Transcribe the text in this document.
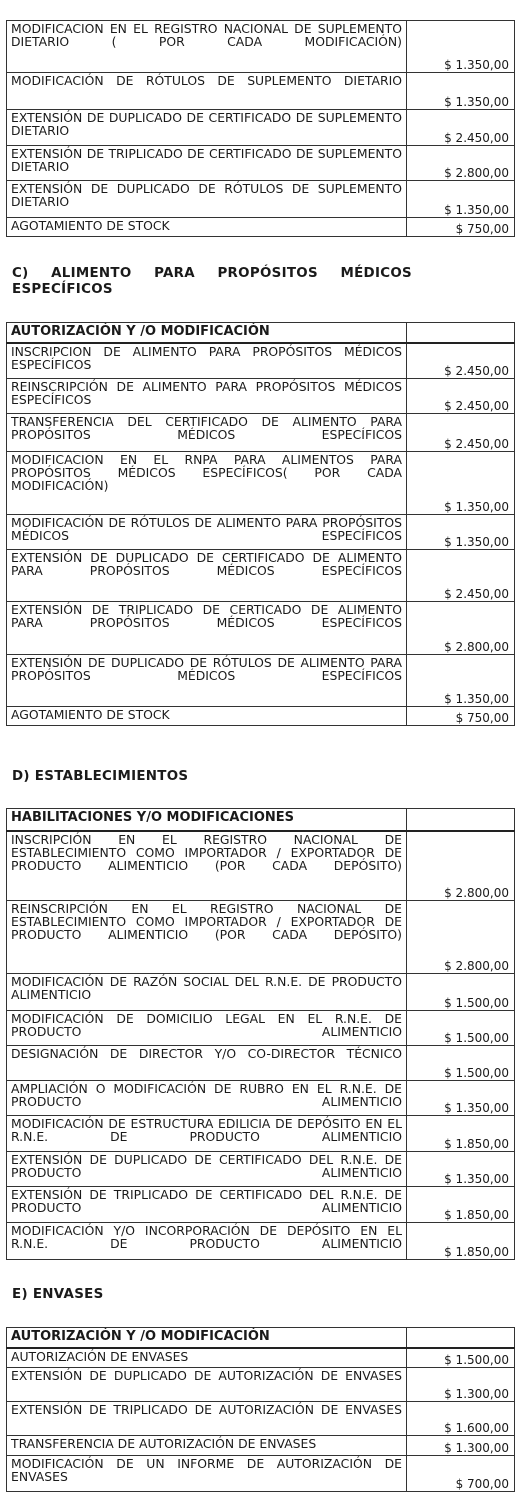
MODIFICACION EN EL REGISTRO NACIONAL DE SUPLEMENTO DIETARIO ( POR CADA MODIFICACIÓN)	$ 1.350,00
MODIFICACIÓN DE RÓTULOS DE SUPLEMENTO DIETARIO	$ 1.350,00
EXTENSIÓN DE DUPLICADO DE CERTIFICADO DE SUPLEMENTO DIETARIO	$ 2.450,00
EXTENSIÓN DE TRIPLICADO DE CERTIFICADO DE SUPLEMENTO DIETARIO	$ 2.800,00
EXTENSIÓN DE DUPLICADO DE RÓTULOS DE SUPLEMENTO DIETARIO	$ 1.350,00
AGOTAMIENTO DE STOCK	$ 750,00
C) ALIMENTO PARA PROPÓSITOS MÉDICOS ESPECÍFICOS
AUTORIZACIÓN Y /O MODIFICACIÓN	
INSCRIPCION DE ALIMENTO PARA PROPÓSITOS MÉDICOS ESPECÍFICOS	$ 2.450,00
REINSCRIPCIÓN DE ALIMENTO PARA PROPÓSITOS MÉDICOS ESPECÍFICOS	$ 2.450,00
TRANSFERENCIA DEL CERTIFICADO DE ALIMENTO PARA PROPÓSITOS MÉDICOS ESPECÍFICOS	$ 2.450,00
MODIFICACION EN EL RNPA PARA ALIMENTOS PARA PROPÓSITOS MÉDICOS ESPECÍFICOS( POR CADA MODIFICACIÓN)	$ 1.350,00
MODIFICACIÓN DE RÓTULOS DE ALIMENTO PARA PROPÓSITOS MÉDICOS ESPECÍFICOS	$ 1.350,00
EXTENSIÓN DE DUPLICADO DE CERTIFICADO DE ALIMENTO PARA PROPÓSITOS MÉDICOS ESPECÍFICOS	$ 2.450,00
EXTENSIÓN DE TRIPLICADO DE CERTICADO DE ALIMENTO PARA PROPÓSITOS MÉDICOS ESPECÍFICOS	$ 2.800,00
EXTENSIÓN DE DUPLICADO DE RÓTULOS DE ALIMENTO PARA PROPÓSITOS MÉDICOS ESPECÍFICOS	$ 1.350,00
AGOTAMIENTO DE STOCK	$ 750,00
D) ESTABLECIMIENTOS
HABILITACIONES Y/O MODIFICACIONES	
INSCRIPCIÓN EN EL REGISTRO NACIONAL DE ESTABLECIMIENTO COMO IMPORTADOR / EXPORTADOR DE PRODUCTO ALIMENTICIO (POR CADA DEPÓSITO)	$ 2.800,00
REINSCRIPCIÓN EN EL REGISTRO NACIONAL DE ESTABLECIMIENTO COMO IMPORTADOR / EXPORTADOR DE PRODUCTO ALIMENTICIO (POR CADA DEPÓSITO)	$ 2.800,00
MODIFICACIÓN DE RAZÓN SOCIAL DEL R.N.E. DE PRODUCTO ALIMENTICIO	$ 1.500,00
MODIFICACIÓN DE DOMICILIO LEGAL EN EL R.N.E. DE PRODUCTO ALIMENTICIO	$ 1.500,00
DESIGNACIÓN DE DIRECTOR Y/O CO-DIRECTOR TÉCNICO	$ 1.500,00
AMPLIACIÓN O MODIFICACIÓN DE RUBRO EN EL R.N.E. DE PRODUCTO ALIMENTICIO	$ 1.350,00
MODIFICACIÓN DE ESTRUCTURA EDILICIA DE DEPÓSITO EN EL R.N.E. DE PRODUCTO ALIMENTICIO	$ 1.850,00
EXTENSIÓN DE DUPLICADO DE CERTIFICADO DEL R.N.E. DE PRODUCTO ALIMENTICIO	$ 1.350,00
EXTENSIÓN DE TRIPLICADO DE CERTIFICADO DEL R.N.E. DE PRODUCTO ALIMENTICIO	$ 1.850,00
MODIFICACIÓN Y/O INCORPORACIÓN DE DEPÓSITO EN EL R.N.E. DE PRODUCTO ALIMENTICIO	$ 1.850,00
E) ENVASES
AUTORIZACIÓN Y /O MODIFICACIÓN	
AUTORIZACIÓN DE ENVASES	$ 1.500,00
EXTENSIÓN DE DUPLICADO DE AUTORIZACIÓN DE ENVASES	$ 1.300,00
EXTENSIÓN DE TRIPLICADO DE AUTORIZACIÓN DE ENVASES	$ 1.600,00
TRANSFERENCIA DE AUTORIZACIÓN DE ENVASES	$ 1.300,00
MODIFICACIÓN DE UN INFORME DE AUTORIZACIÓN DE ENVASES	$ 700,00
